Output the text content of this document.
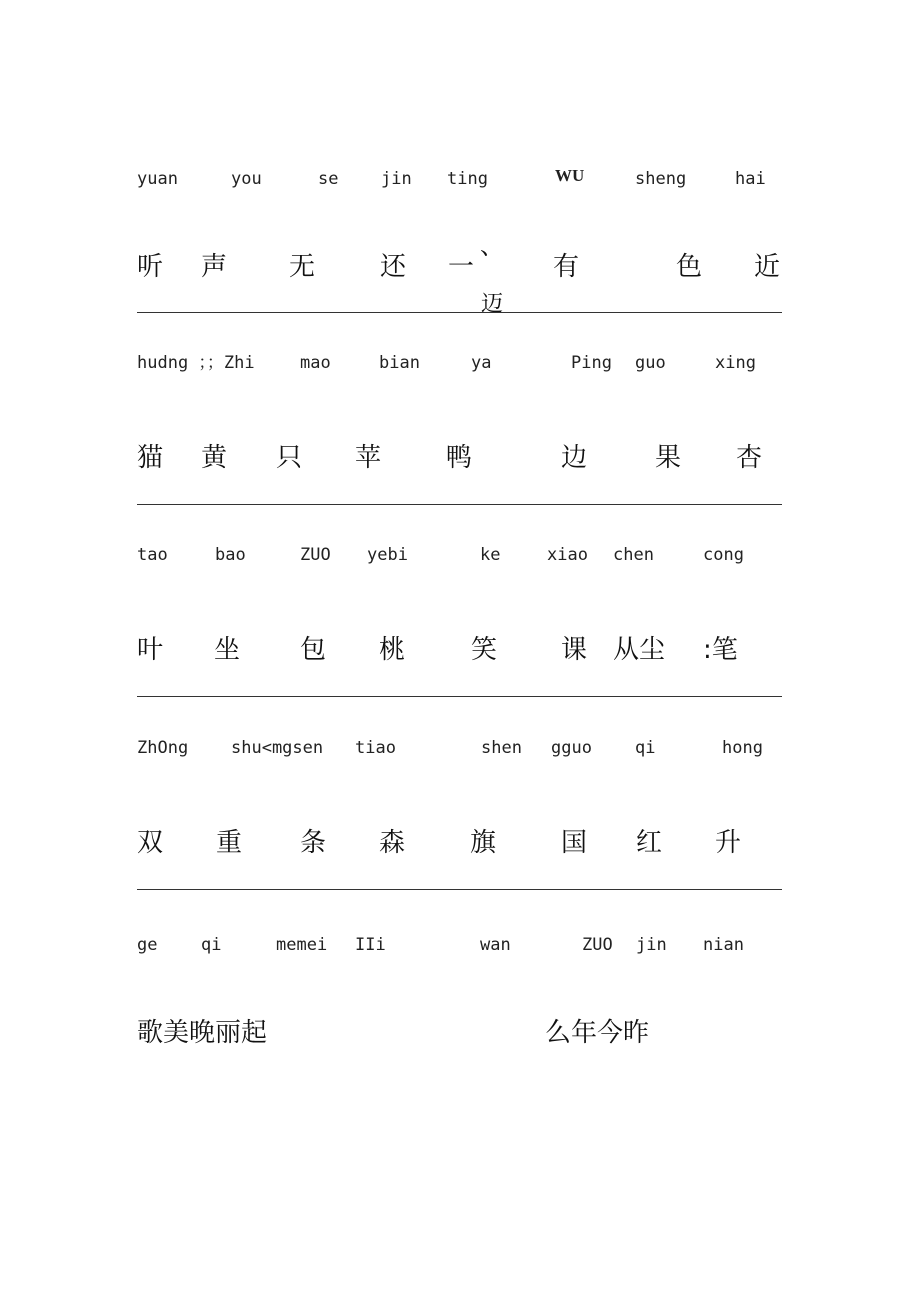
yuan	you	se	jin ting	WU	sheng	hai
听 声 无 还 一	有	色 近
、
迈
hudng ；；Zhi	mao	bian	ya	Ping guo	xing
猫 黄 只 苹 鸭	边	果 杏
tao	bao	ZUO yebi	ke	xiao chen	cong
叶 坐 包 桃	笑 课 从尘 :笔
ZhOng	shu<mgsen tiao	shen gguo	qi	hong
双 重 条 森 旗 国 红 升
ge	qi	memei IIi	wan	ZUO jin nian
歌美晚丽起	么年今昨
